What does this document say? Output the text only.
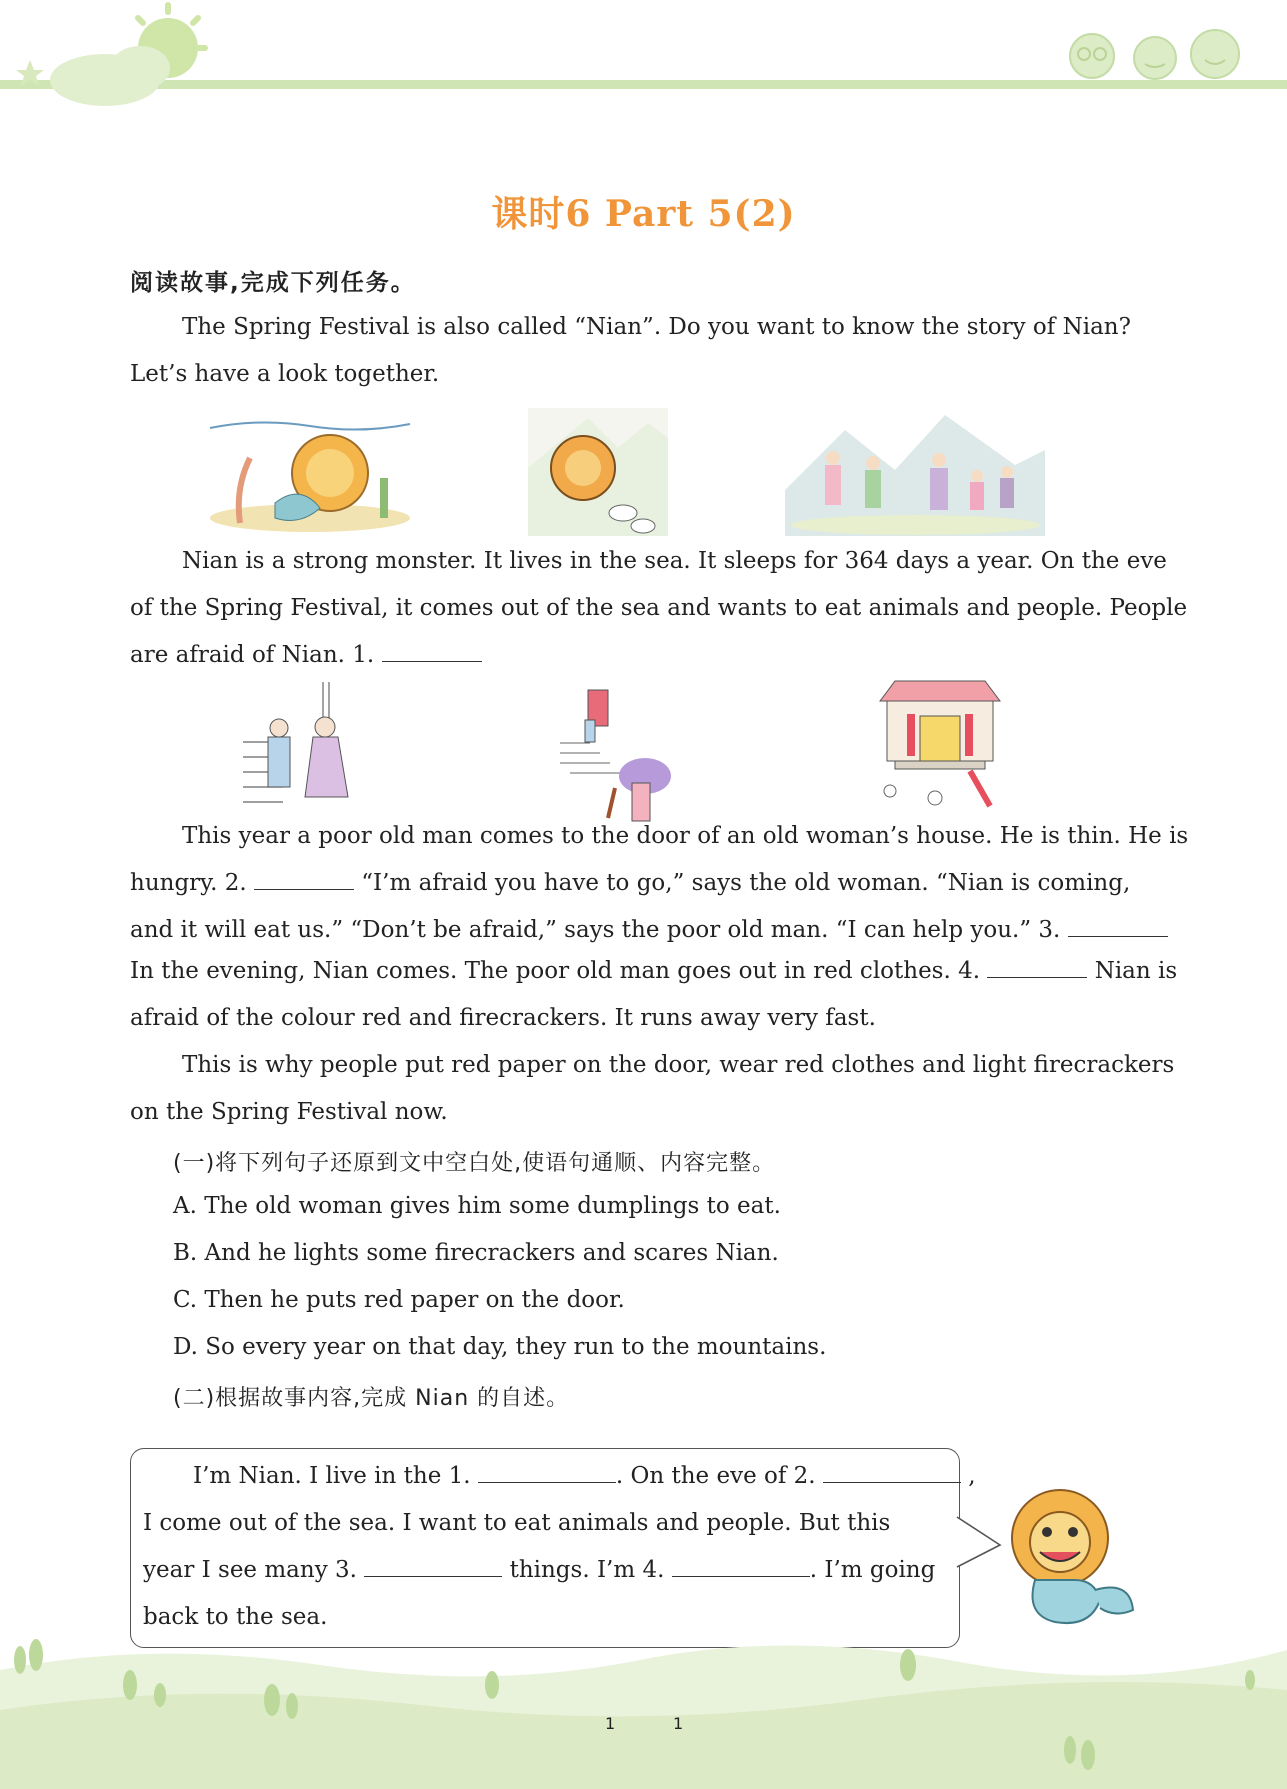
课时6 Part 5(2)
阅读故事,完成下列任务。
The Spring Festival is also called “Nian”. Do you want to know the story of Nian?
Let’s have a look together.
Nian is a strong monster. It lives in the sea. It sleeps for 364 days a year. On the eve
of the Spring Festival, it comes out of the sea and wants to eat animals and people. People
are afraid of Nian. 1.
This year a poor old man comes to the door of an old woman’s house. He is thin. He is
hungry. 2.	“I’m afraid you have to go,” says the old woman. “Nian is coming,
and it will eat us.” “Don’t be afraid,” says the poor old man. “I can help you.” 3.
In the evening, Nian comes. The poor old man goes out in red clothes. 4.	Nian is
afraid of the colour red and firecrackers. It runs away very fast.
This is why people put red paper on the door, wear red clothes and light firecrackers
on the Spring Festival now.
(一)将下列句子还原到文中空白处,使语句通顺、内容完整。
A. The old woman gives him some dumplings to eat.
B. And he lights some firecrackers and scares Nian.
C. Then he puts red paper on the door.
D. So every year on that day, they run to the mountains.
(二)根据故事内容,完成 Nian 的自述。
I’m Nian. I live in the 1.	. On the eve of 2.	,
I come out of the sea. I want to eat animals and people. But this
year I see many 3.	things. I’m 4.	. I’m going
back to the sea.
1	1
